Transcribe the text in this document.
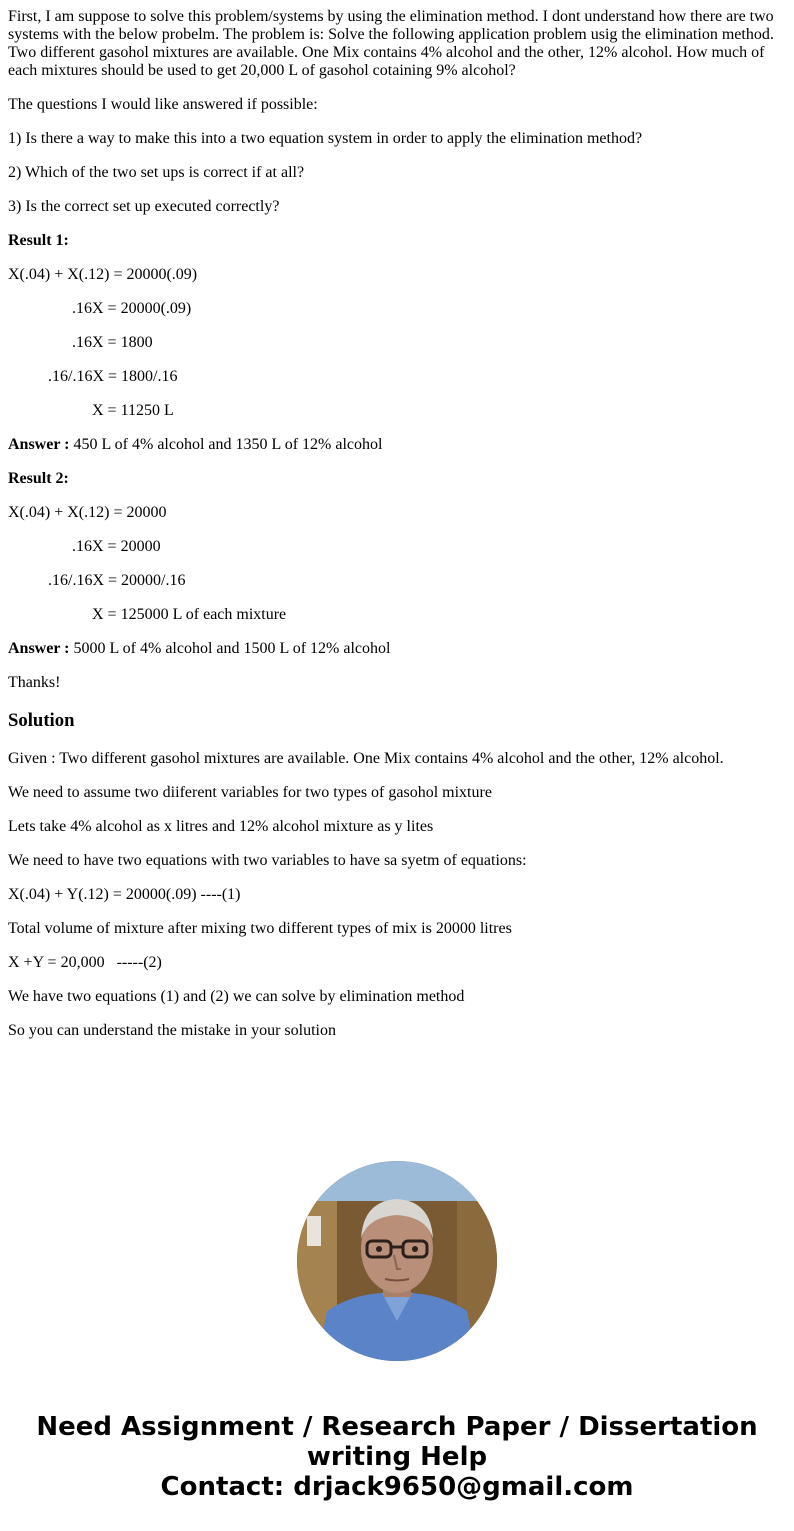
First, I am suppose to solve this problem/systems by using the elimination method. I dont understand how there are two systems with the below probelm. The problem is: Solve the following application problem usig the elimination method. Two different gasohol mixtures are available. One Mix contains 4% alcohol and the other, 12% alcohol. How much of each mixtures should be used to get 20,000 L of gasohol cotaining 9% alcohol?

The questions I would like answered if possible:

1) Is there a way to make this into a two equation system in order to apply the elimination method?

2) Which of the two set ups is correct if at all?

3) Is the correct set up executed correctly?

Result 1:

X(.04) + X(.12) = 20000(.09)

.16X = 20000(.09)

.16X = 1800

.16/.16X = 1800/.16

X = 11250 L

Answer : 450 L of 4% alcohol and 1350 L of 12% alcohol

Result 2:

X(.04) + X(.12) = 20000

.16X = 20000

.16/.16X = 20000/.16

X = 125000 L of each mixture

Answer : 5000 L of 4% alcohol and 1500 L of 12% alcohol

Thanks!

Solution

Given : Two different gasohol mixtures are available. One Mix contains 4% alcohol and the other, 12% alcohol.

We need to assume two diiferent variables for two types of gasohol mixture

Lets take 4% alcohol as x litres and 12% alcohol mixture as y lites

We need to have two equations with two variables to have sa syetm of equations:

X(.04) + Y(.12) = 20000(.09) ----(1)

Total volume of mixture after mixing two different types of mix is 20000 litres

X +Y = 20,000   -----(2)

We have two equations (1) and (2) we can solve by elimination method

So you can understand the mistake in your solution

Need Assignment / Research Paper / Dissertation
writing Help
Contact: drjack9650@gmail.com
